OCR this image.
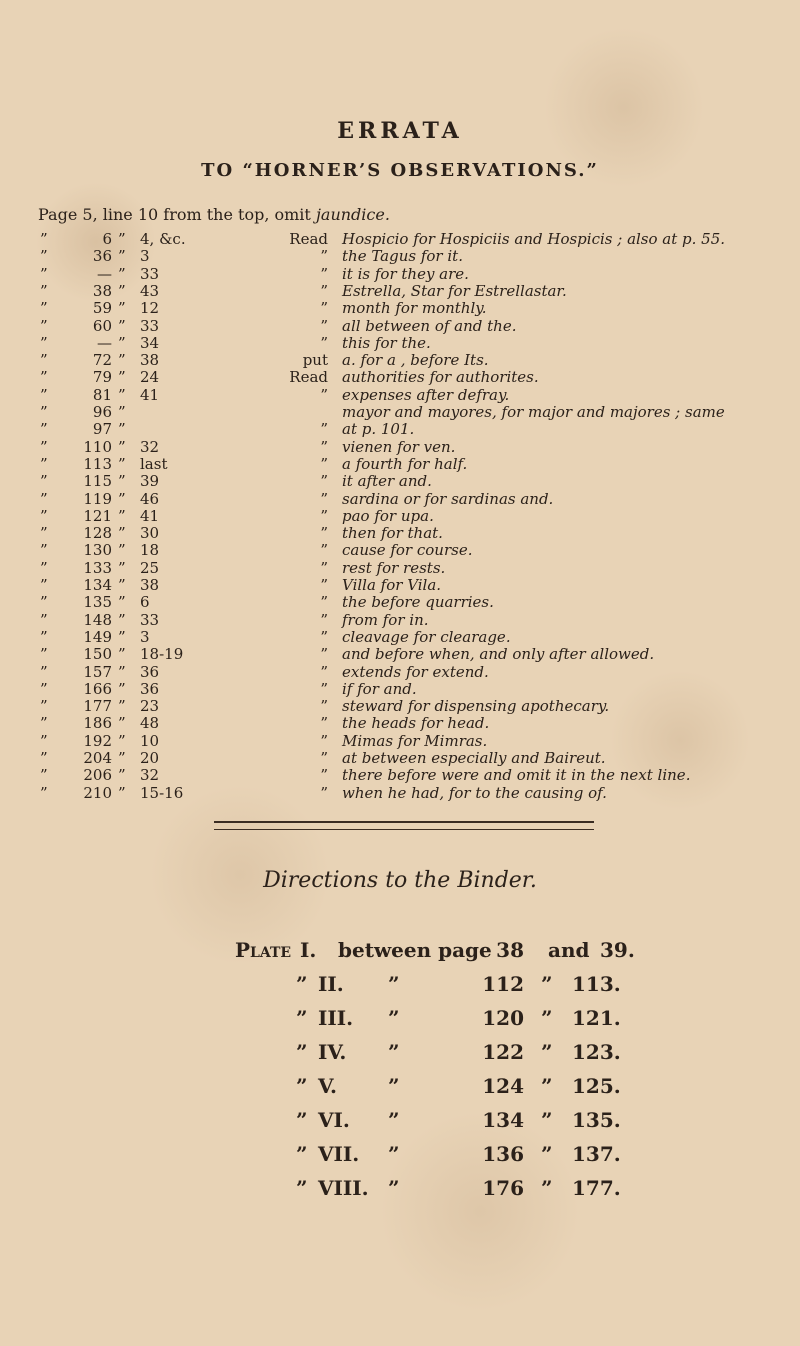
ERRATA
TO “HORNER’S OBSERVATIONS.”
Page 5, line 10 from the top, omit jaundice.
”	6 ” 4, &c.	Read Hospicio for Hospiciis and Hospicis ; also at p. 55.
”	36 ” 3	” the Tagus for it.
”	— ” 33	” it is for they are.
”	38 ” 43	” Estrella, Star for Estrellastar.
”	59 ” 12	” month for monthly.
”	60 ” 33	” all between of and the.
”	— ” 34	” this for the.
”	72 ” 38	put a. for a , before Its.
”	79 ” 24	Read authorities for authorites.
”	81 ” 41	” expenses after defray.
”	96 ”	mayor and mayores, for major and majores ; same
”	97 ”	” at p. 101.
”	110 ” 32	” vienen for ven.
”	113 ” last	” a fourth for half.
”	115 ” 39	” it after and.
”	119 ” 46	” sardina or for sardinas and.
”	121 ” 41	” pao for upa.
”	128 ” 30	” then for that.
”	130 ” 18	” cause for course.
”	133 ” 25	” rest for rests.
”	134 ” 38	” Villa for Vila.
”	135 ” 6	” the before quarries.
”	148 ” 33	” from for in.
”	149 ” 3	” cleavage for clearage.
”	150 ” 18-19	” and before when, and only after allowed.
”	157 ” 36	” extends for extend.
”	166 ” 36	” if for and.
”	177 ” 23	” steward for dispensing apothecary.
”	186 ” 48	” the heads for head.
”	192 ” 10	” Mimas for Mimras.
”	204 ” 20	” at between especially and Baireut.
”	206 ” 32	” there before were and omit it in the next line.
”	210 ” 15-16	” when he had, for to the causing of.
Directions to the Binder.
Plate I.	between page 38 and 39.
” II.	”	112 ” 113.
” III.	”	120 ” 121.
” IV.	”	122 ” 123.
” V.	”	124 ” 125.
” VI.	”	134 ” 135.
” VII.	”	136 ” 137.
” VIII. ”	176 ” 177.
